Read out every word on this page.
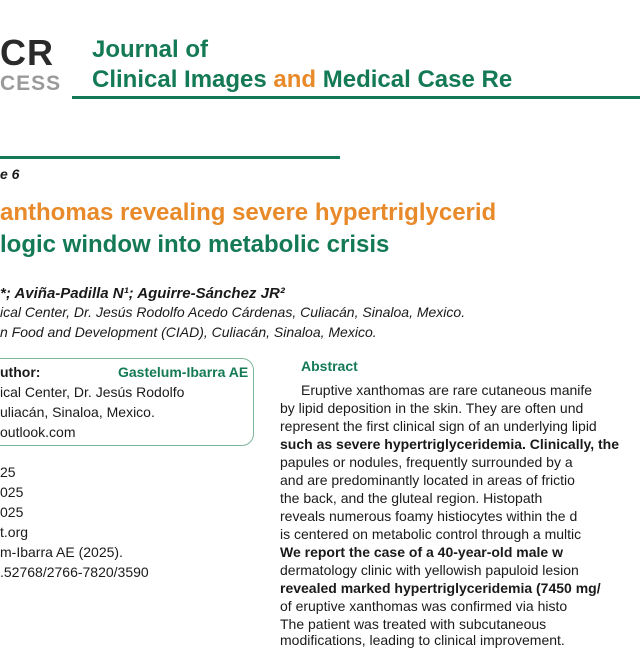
CR
CESS
Journal of
Clinical Images and Medical Case Re
e 6
anthomas revealing severe hypertriglycerid
logic window into metabolic crisis
*; Aviña-Padilla N¹; Aguirre-Sánchez JR²
ical Center, Dr. Jesús Rodolfo Acedo Cárdenas, Culiacán, Sinaloa, Mexico.
n Food and Development (CIAD), Culiacán, Sinaloa, Mexico.
uthor:	Gastelum-Ibarra AE
ical Center, Dr. Jesús Rodolfo
uliacán, Sinaloa, Mexico.
outlook.com
25
025
025
t.org
m-Ibarra AE (2025).
.52768/2766-7820/3590
Abstract
Eruptive xanthomas are rare cutaneous manife
by lipid deposition in the skin. They are often und
represent the first clinical sign of an underlying lipid
such as severe hypertriglyceridemia. Clinically, the
papules or nodules, frequently surrounded by a
and are predominantly located in areas of frictio
the back, and the gluteal region. Histopath
reveals numerous foamy histiocytes within the d
is centered on metabolic control through a multic
We report the case of a 40-year-old male w
dermatology clinic with yellowish papuloid lesion
revealed marked hypertriglyceridemia (7450 mg/
of eruptive xanthomas was confirmed via histo
The patient was treated with subcutaneous
modifications, leading to clinical improvement.
